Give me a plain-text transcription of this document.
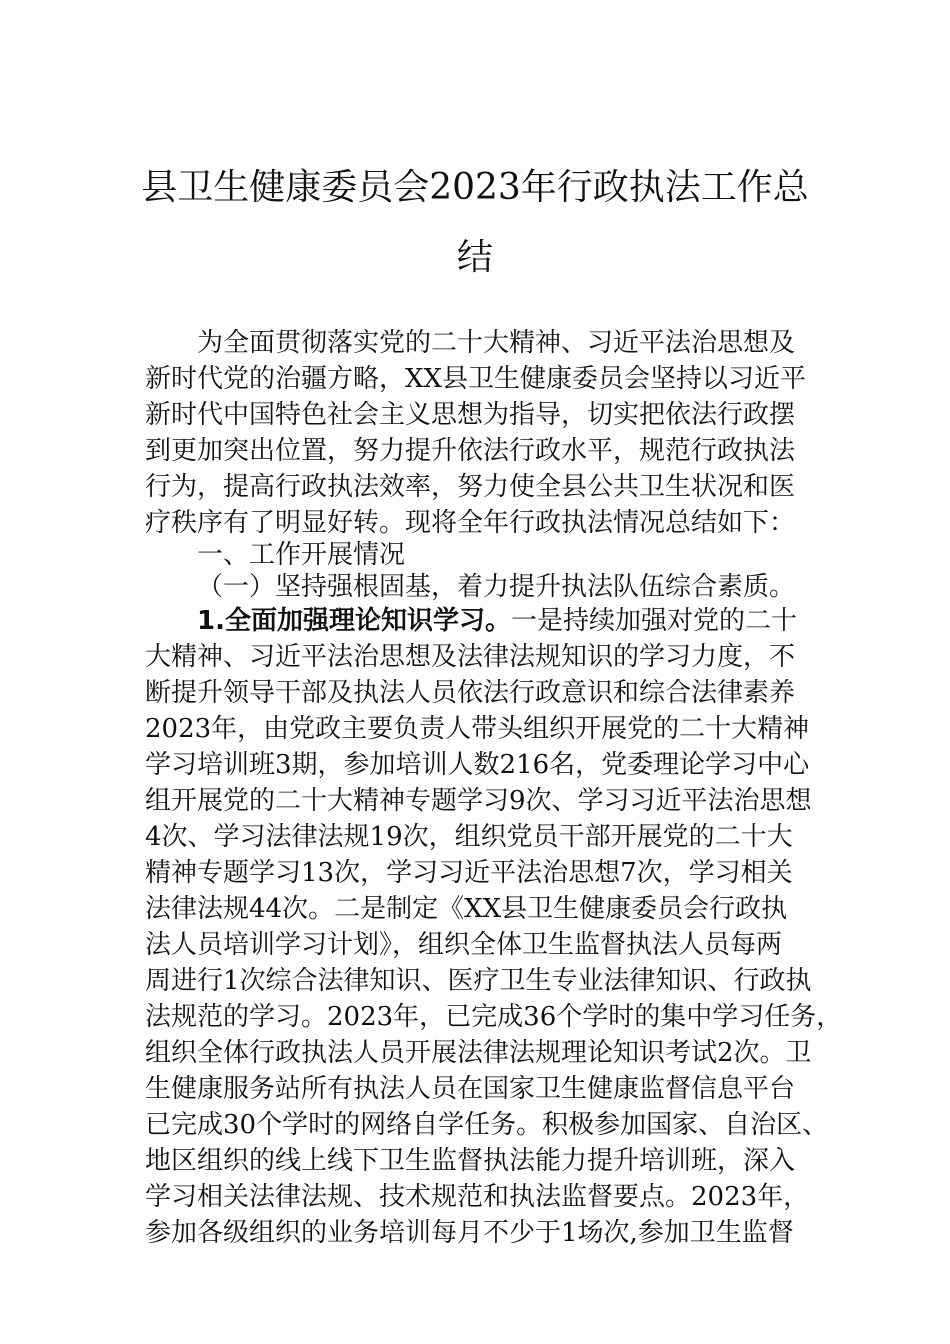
县卫生健康委员会2023年行政执法工作总
结
为全面贯彻落实党的二十大精神、习近平法治思想及
新时代党的治疆方略，XX县卫生健康委员会坚持以习近平
新时代中国特色社会主义思想为指导，切实把依法行政摆
到更加突出位置，努力提升依法行政水平，规范行政执法
行为，提高行政执法效率，努力使全县公共卫生状况和医
疗秩序有了明显好转。现将全年行政执法情况总结如下：
一、工作开展情况
（一）坚持强根固基，着力提升执法队伍综合素质。
1.全面加强理论知识学习。一是持续加强对党的二十
大精神、习近平法治思想及法律法规知识的学习力度，不
断提升领导干部及执法人员依法行政意识和综合法律素养
2023年，由党政主要负责人带头组织开展党的二十大精神
学习培训班3期，参加培训人数216名，党委理论学习中心
组开展党的二十大精神专题学习9次、学习习近平法治思想
4次、学习法律法规19次，组织党员干部开展党的二十大
精神专题学习13次，学习习近平法治思想7次，学习相关
法律法规44次。二是制定《XX县卫生健康委员会行政执
法人员培训学习计划》，组织全体卫生监督执法人员每两
周进行1次综合法律知识、医疗卫生专业法律知识、行政执
法规范的学习。2023年，已完成36个学时的集中学习任务，
组织全体行政执法人员开展法律法规理论知识考试2次。卫
生健康服务站所有执法人员在国家卫生健康监督信息平台
已完成30个学时的网络自学任务。积极参加国家、自治区、
地区组织的线上线下卫生监督执法能力提升培训班，深入
学习相关法律法规、技术规范和执法监督要点。2023年，
参加各级组织的业务培训每月不少于1场次,参加卫生监督
